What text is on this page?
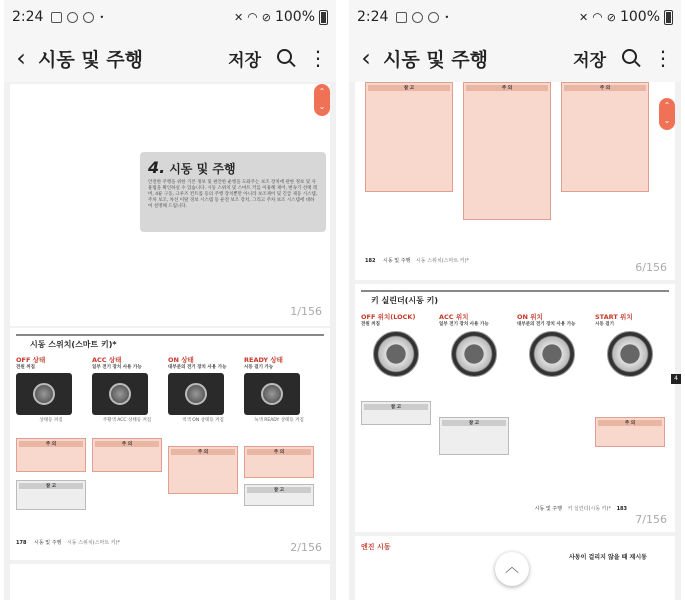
2:24	•	✕ ◠ ⊘ 100%
‹ 시동 및 주행	저장 ⋮
4. 시동 및 주행
안전한 주행을 위한 기본 정보 및 편안한 운행을 도와주는 보조 장치에 관한 정보 및 사용법을 확인하실 수 있습니다. 시동 스위치 및 스마트 키를 이용해 제어, 변속기 선택 레버, 4륜 구동, 크루즈 컨트롤 등의 주행 장치뿐만 아니라 보조제어 및 긴급 제동 시스템, 주차 보조, 차선 이탈 경보 시스템 등 운전 보조 장치, 그리고 주차 보조 시스템에 대하여 설명해 드립니다.
1/156
⌃
⌄
시동 스위치(스마트 키)*
OFF 상태
전원 꺼짐
상태등 꺼짐
주 의
참 고
ACC 상태
일부 전기 장치 사용 가능
주황색 ACC 상태등 켜짐
주 의
ON 상태
대부분의 전기 장치 사용 가능
적색 ON 상태등 켜짐
주 의
READY 상태
시동 걸기 가능
녹색 READY 상태등 켜짐
주 의
참 고
178 시동 및 주행 시동 스위치(스마트 키)*	2/156
2:24	•	✕ ◠ ⊘ 100%
‹ 시동 및 주행	저장 ⋮
참 고	주 의	주 의
182 시동 및 주행 시동 스위치(스마트 키)*	6/156
⌃
⌄
키 실린더(시동 키)
OFF 위치(LOCK)
전원 꺼짐
참 고
ACC 위치
일부 전기 장치 사용 가능
참 고
ON 위치
대부분의 전기 장치 사용 가능
START 위치
시동 걸기
주 의
시동 및 주행 키 실린더(시동 키)* 183
7/156
4
엔진 시동
사동이 걸리지 않을 때 재시동
︿
